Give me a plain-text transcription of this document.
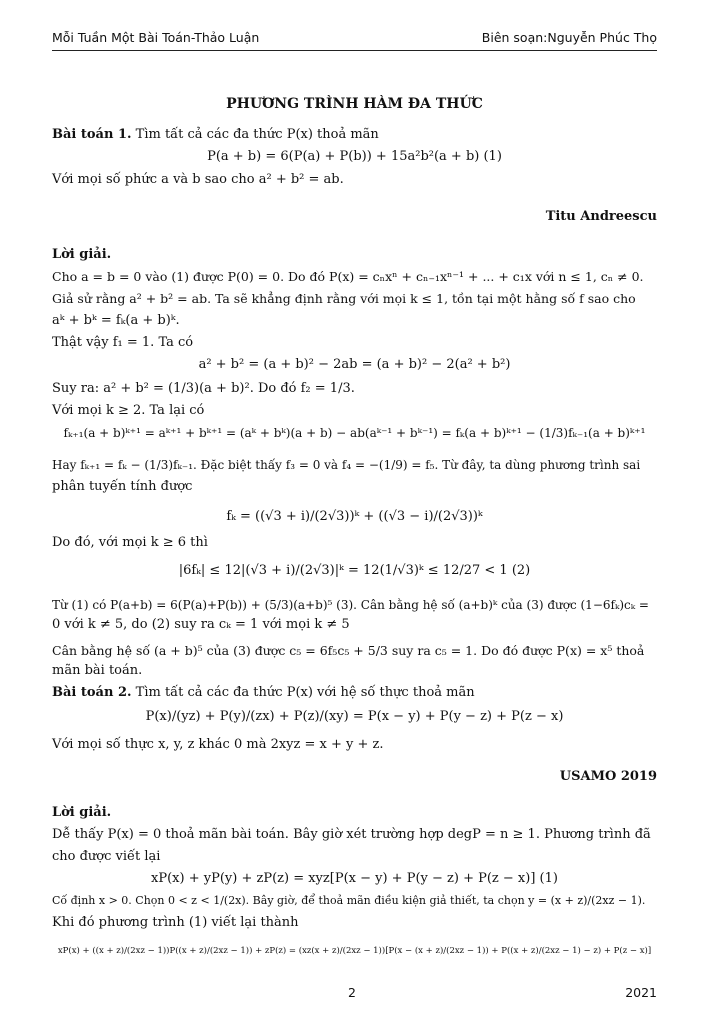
Mỗi Tuần Một Bài Toán-Thảo Luận	Biên soạn:Nguyễn Phúc Thọ
PHƯƠNG TRÌNH HÀM ĐA THỨC
Bài toán 1. Tìm tất cả các đa thức P(x) thoả mãn
P(a + b) = 6(P(a) + P(b)) + 15a²b²(a + b) (1)
Với mọi số phức a và b sao cho a² + b² = ab.
Titu Andreescu
Lời giải.
Cho a = b = 0 vào (1) được P(0) = 0. Do đó P(x) = cₙxⁿ + cₙ₋₁xⁿ⁻¹ + ... + c₁x với n ≤ 1, cₙ ≠ 0.
Giả sử rằng a² + b² = ab. Ta sẽ khẳng định rằng với mọi k ≤ 1, tồn tại một hằng số f sao cho
aᵏ + bᵏ = fₖ(a + b)ᵏ.
Thật vậy f₁ = 1. Ta có
a² + b² = (a + b)² − 2ab = (a + b)² − 2(a² + b²)
Suy ra: a² + b² = (1/3)(a + b)². Do đó f₂ = 1/3.
Với mọi k ≥ 2. Ta lại có
fₖ₊₁(a + b)ᵏ⁺¹ = aᵏ⁺¹ + bᵏ⁺¹ = (aᵏ + bᵏ)(a + b) − ab(aᵏ⁻¹ + bᵏ⁻¹) = fₖ(a + b)ᵏ⁺¹ − (1/3)fₖ₋₁(a + b)ᵏ⁺¹
Hay fₖ₊₁ = fₖ − (1/3)fₖ₋₁. Đặc biệt thấy f₃ = 0 và f₄ = −(1/9) = f₅. Từ đây, ta dùng phương trình sai
phân tuyến tính được
fₖ = ((√3 + i)/(2√3))ᵏ + ((√3 − i)/(2√3))ᵏ
Do đó, với mọi k ≥ 6 thì
|6fₖ| ≤ 12|(√3 + i)/(2√3)|ᵏ = 12(1/√3)ᵏ ≤ 12/27 < 1 (2)
Từ (1) có P(a+b) = 6(P(a)+P(b)) + (5/3)(a+b)⁵ (3). Cân bằng hệ số (a+b)ᵏ của (3) được (1−6fₖ)cₖ =
0 với k ≠ 5, do (2) suy ra cₖ = 1 với mọi k ≠ 5
Cân bằng hệ số (a + b)⁵ của (3) được c₅ = 6f₅c₅ + 5/3 suy ra c₅ = 1. Do đó được P(x) = x⁵ thoả
mãn bài toán.
Bài toán 2. Tìm tất cả các đa thức P(x) với hệ số thực thoả mãn
P(x)/(yz) + P(y)/(zx) + P(z)/(xy) = P(x − y) + P(y − z) + P(z − x)
Với mọi số thực x, y, z khác 0 mà 2xyz = x + y + z.
USAMO 2019
Lời giải.
Dễ thấy P(x) = 0 thoả mãn bài toán. Bây giờ xét trường hợp degP = n ≥ 1. Phương trình đã
cho được viết lại
xP(x) + yP(y) + zP(z) = xyz[P(x − y) + P(y − z) + P(z − x)] (1)
Cố định x > 0. Chọn 0 < z < 1/(2x). Bây giờ, để thoả mãn điều kiện giả thiết, ta chọn y = (x + z)/(2xz − 1).
Khi đó phương trình (1) viết lại thành
xP(x) + ((x + z)/(2xz − 1))P((x + z)/(2xz − 1)) + zP(z) = (xz(x + z)/(2xz − 1))[P(x − (x + z)/(2xz − 1)) + P((x + z)/(2xz − 1) − z) + P(z − x)]
2	2021
